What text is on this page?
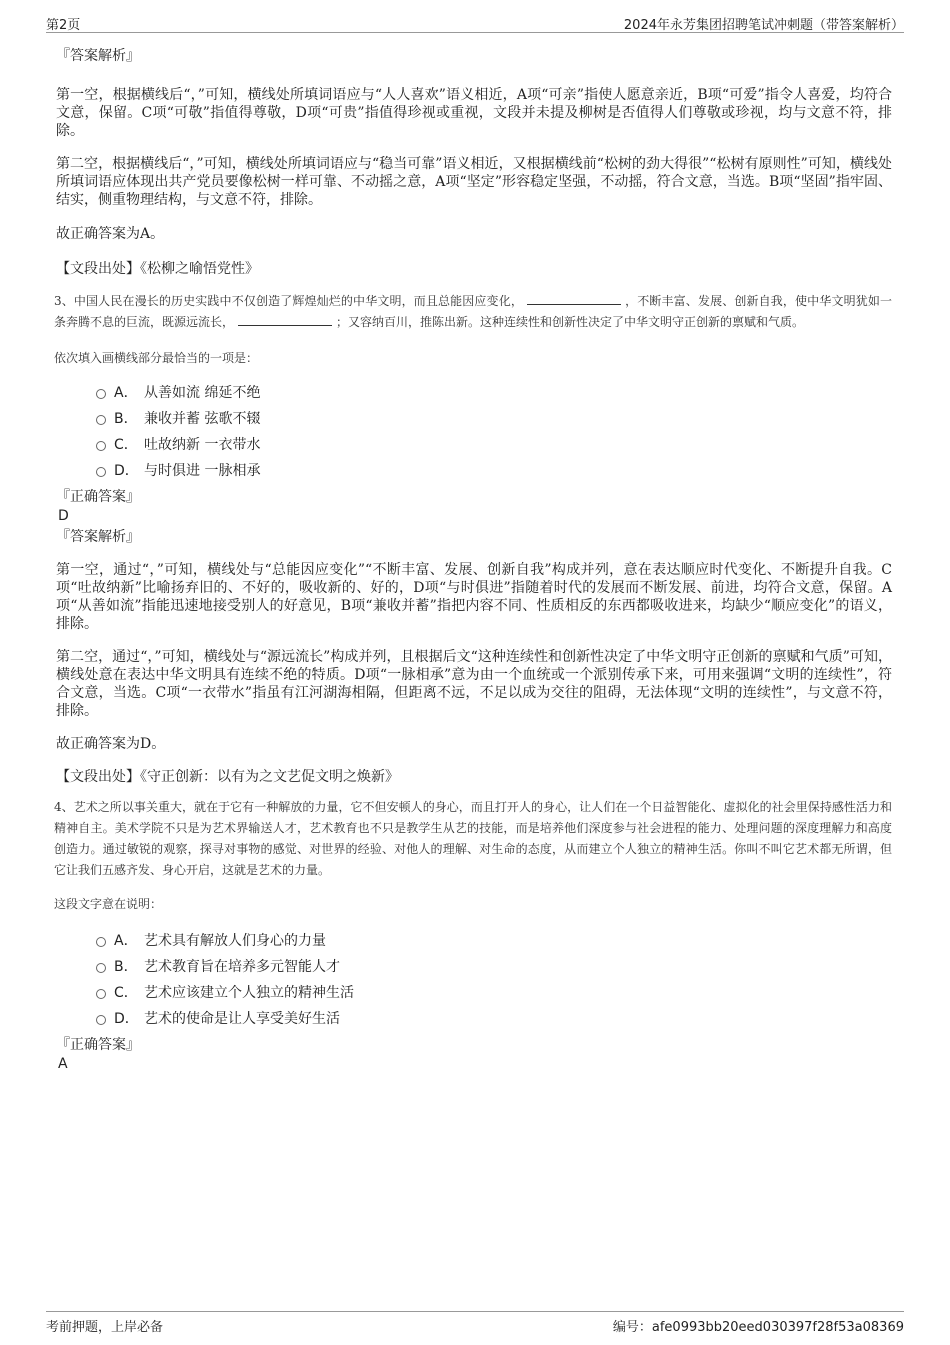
第2页	2024年永芳集团招聘笔试冲刺题（带答案解析）

『答案解析』

第一空，根据横线后“，”可知，横线处所填词语应与“人人喜欢”语义相近，A项“可亲”指使人愿意亲近，B项“可爱”指令人喜爱，均符合文意，保留。C项“可敬”指值得尊敬，D项“可贵”指值得珍视或重视，文段并未提及柳树是否值得人们尊敬或珍视，均与文意不符，排除。

第二空，根据横线后“，”可知，横线处所填词语应与“稳当可靠”语义相近，又根据横线前“松树的劲大得很”“松树有原则性”可知，横线处所填词语应体现出共产党员要像松树一样可靠、不动摇之意，A项“坚定”形容稳定坚强，不动摇，符合文意，当选。B项“坚固”指牢固、结实，侧重物理结构，与文意不符，排除。

故正确答案为A。

【文段出处】《松柳之喻悟党性》

3、中国人民在漫长的历史实践中不仅创造了辉煌灿烂的中华文明，而且总能因应变化，	，不断丰富、发展、创新自我，使中华文明犹如一条奔腾不息的巨流，既源远流长，	；又容纳百川，推陈出新。这种连续性和创新性决定了中华文明守正创新的禀赋和气质。

依次填入画横线部分最恰当的一项是：

A． 从善如流 绵延不绝
B． 兼收并蓄 弦歌不辍
C． 吐故纳新 一衣带水
D． 与时俱进 一脉相承

『正确答案』

D

『答案解析』

第一空，通过“，”可知，横线处与“总能因应变化”“不断丰富、发展、创新自我”构成并列，意在表达顺应时代变化、不断提升自我。C项“吐故纳新”比喻扬弃旧的、不好的，吸收新的、好的，D项“与时俱进”指随着时代的发展而不断发展、前进，均符合文意，保留。A项“从善如流”指能迅速地接受别人的好意见，B项“兼收并蓄”指把内容不同、性质相反的东西都吸收进来，均缺少“顺应变化”的语义，排除。

第二空，通过“，”可知，横线处与“源远流长”构成并列，且根据后文“这种连续性和创新性决定了中华文明守正创新的禀赋和气质”可知，横线处意在表达中华文明具有连续不绝的特质。D项“一脉相承”意为由一个血统或一个派别传承下来，可用来强调“文明的连续性”，符合文意，当选。C项“一衣带水”指虽有江河湖海相隔，但距离不远，不足以成为交往的阻碍，无法体现“文明的连续性”，与文意不符，排除。

故正确答案为D。

【文段出处】《守正创新：以有为之文艺促文明之焕新》

4、艺术之所以事关重大，就在于它有一种解放的力量，它不但安顿人的身心，而且打开人的身心，让人们在一个日益智能化、虚拟化的社会里保持感性活力和精神自主。美术学院不只是为艺术界输送人才，艺术教育也不只是教学生从艺的技能，而是培养他们深度参与社会进程的能力、处理问题的深度理解力和高度创造力。通过敏锐的观察，探寻对事物的感觉、对世界的经验、对他人的理解、对生命的态度，从而建立个人独立的精神生活。你叫不叫它艺术都无所谓，但它让我们五感齐发、身心开启，这就是艺术的力量。

这段文字意在说明：

A． 艺术具有解放人们身心的力量
B． 艺术教育旨在培养多元智能人才
C． 艺术应该建立个人独立的精神生活
D． 艺术的使命是让人享受美好生活

『正确答案』

A

考前押题，上岸必备	编号：afe0993bb20eed030397f28f53a08369
